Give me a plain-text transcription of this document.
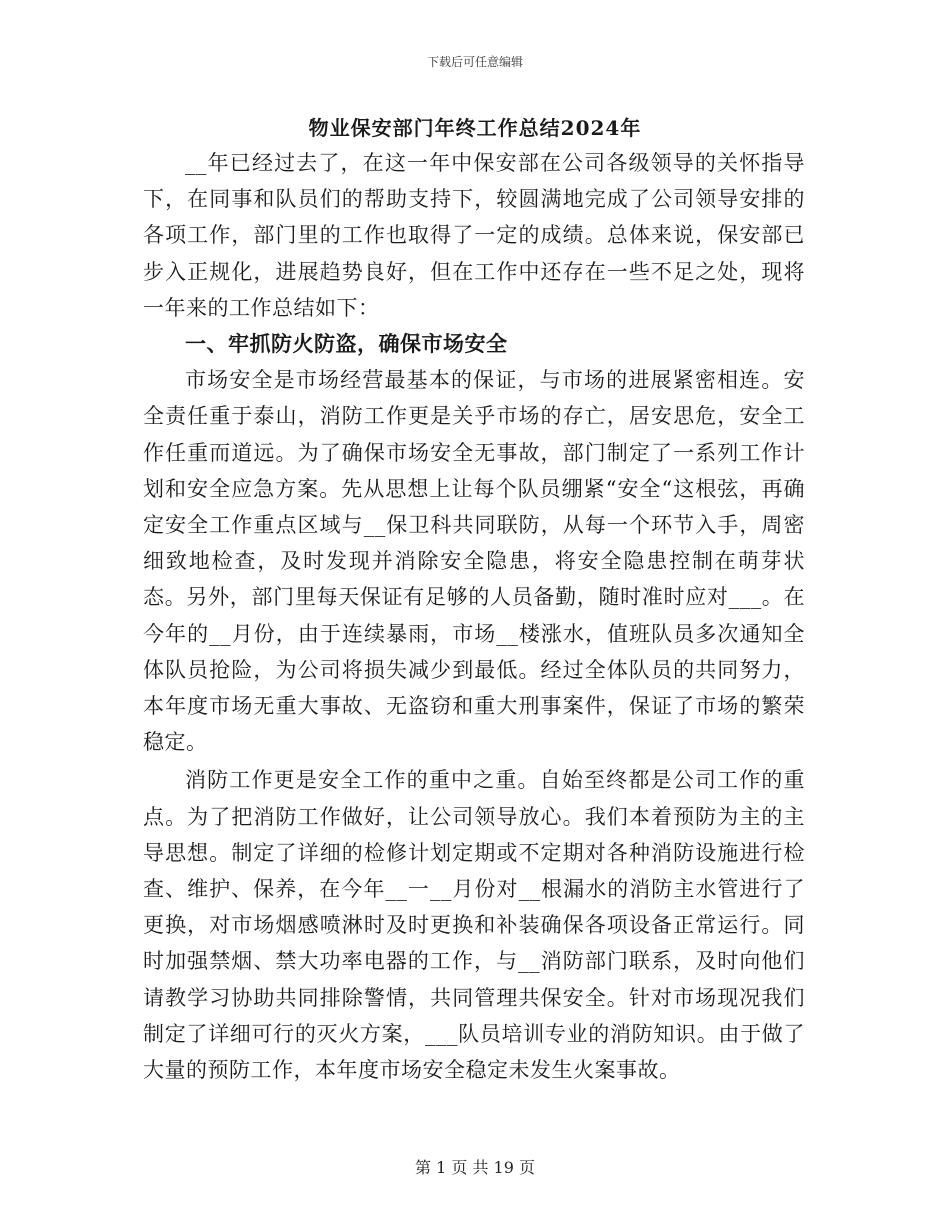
下载后可任意编辑
物业保安部门年终工作总结2024年

__年已经过去了，在这一年中保安部在公司各级领导的关怀指导下，在同事和队员们的帮助支持下，较圆满地完成了公司领导安排的各项工作，部门里的工作也取得了一定的成绩。总体来说，保安部已步入正规化，进展趋势良好，但在工作中还存在一些不足之处，现将一年来的工作总结如下：

一、牢抓防火防盗，确保市场安全

市场安全是市场经营最基本的保证，与市场的进展紧密相连。安全责任重于泰山，消防工作更是关乎市场的存亡，居安思危，安全工作任重而道远。为了确保市场安全无事故，部门制定了一系列工作计划和安全应急方案。先从思想上让每个队员绷紧“安全“这根弦，再确定安全工作重点区域与__保卫科共同联防，从每一个环节入手，周密细致地检查，及时发现并消除安全隐患，将安全隐患控制在萌芽状态。另外，部门里每天保证有足够的人员备勤，随时准时应对___。在今年的__月份，由于连续暴雨，市场__楼涨水，值班队员多次通知全体队员抢险，为公司将损失减少到最低。经过全体队员的共同努力，本年度市场无重大事故、无盗窃和重大刑事案件，保证了市场的繁荣稳定。

消防工作更是安全工作的重中之重。自始至终都是公司工作的重点。为了把消防工作做好，让公司领导放心。我们本着预防为主的主导思想。制定了详细的检修计划定期或不定期对各种消防设施进行检查、维护、保养，在今年__一__月份对__根漏水的消防主水管进行了更换，对市场烟感喷淋时及时更换和补装确保各项设备正常运行。同时加强禁烟、禁大功率电器的工作，与__消防部门联系，及时向他们请教学习协助共同排除警情，共同管理共保安全。针对市场现况我们制定了详细可行的灭火方案，___队员培训专业的消防知识。由于做了大量的预防工作，本年度市场安全稳定未发生火案事故。

第 1 页 共 19 页
